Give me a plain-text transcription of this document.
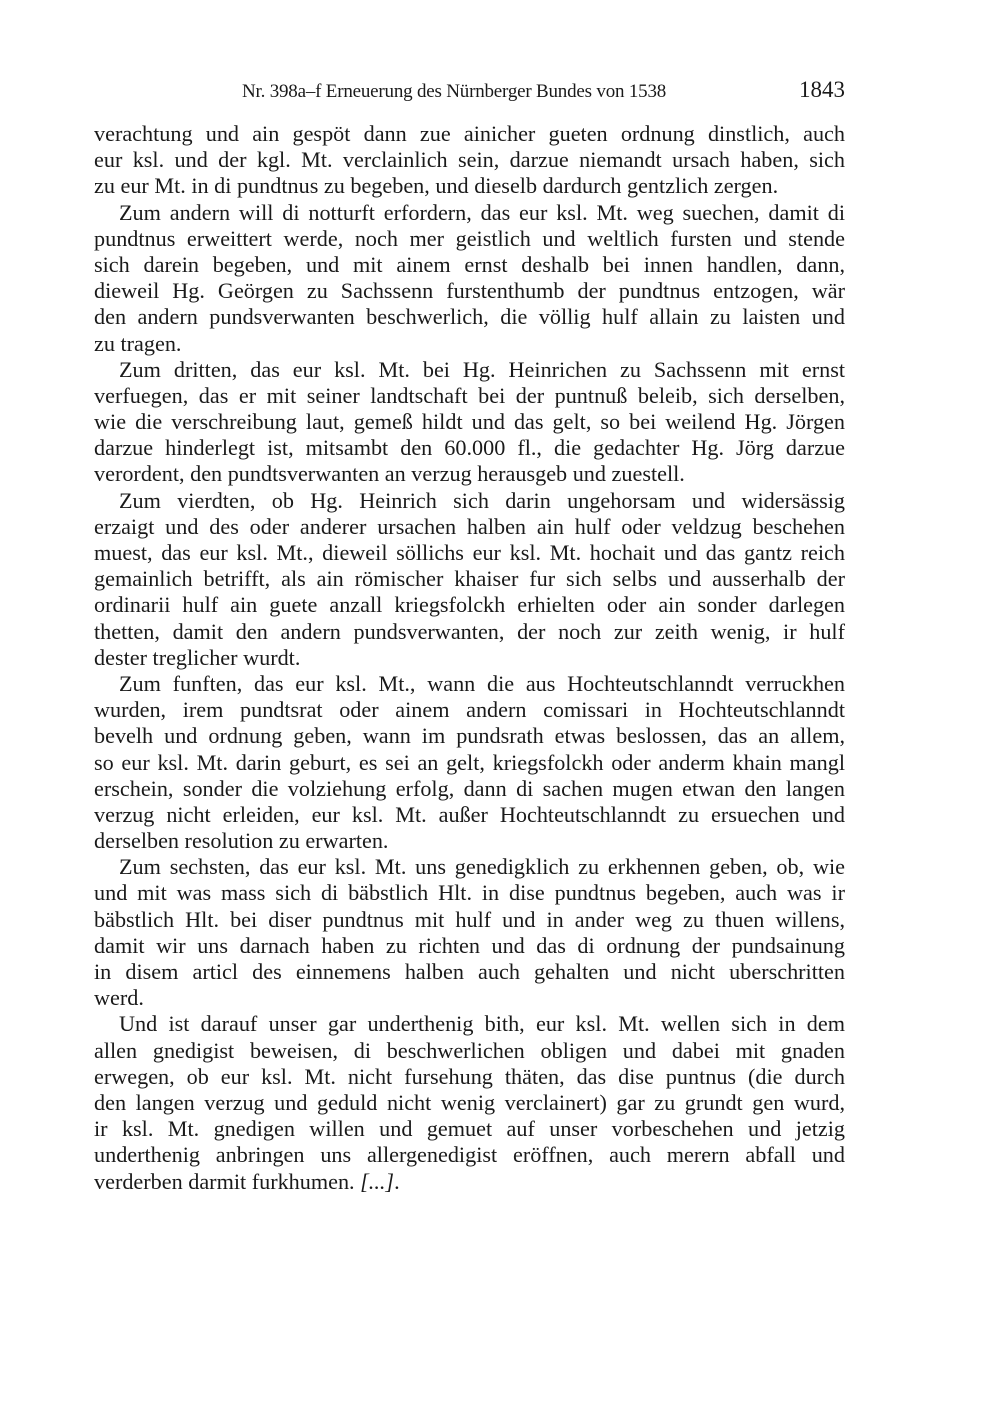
Nr. 398a–f Erneuerung des Nürnberger Bundes von 1538	1843
verachtung und ain gespöt dann zue ainicher gueten ordnung dinstlich, auch
eur ksl. und der kgl. Mt. verclainlich sein, darzue niemandt ursach haben, sich
zu eur Mt. in di pundtnus zu begeben, und dieselb dardurch gentzlich zergen.
Zum andern will di notturft erfordern, das eur ksl. Mt. weg suechen, damit di
pundtnus erweittert werde, noch mer geistlich und weltlich fursten und stende
sich darein begeben, und mit ainem ernst deshalb bei innen handlen, dann,
dieweil Hg. Geörgen zu Sachssenn furstenthumb der pundtnus entzogen, wär
den andern pundsverwanten beschwerlich, die völlig hulf allain zu laisten und
zu tragen.
Zum dritten, das eur ksl. Mt. bei Hg. Heinrichen zu Sachssenn mit ernst
verfuegen, das er mit seiner landtschaft bei der puntnuß beleib, sich derselben,
wie die verschreibung laut, gemeß hildt und das gelt, so bei weilend Hg. Jörgen
darzue hinderlegt ist, mitsambt den 60.000 fl., die gedachter Hg. Jörg darzue
verordent, den pundtsverwanten an verzug herausgeb und zuestell.
Zum vierdten, ob Hg. Heinrich sich darin ungehorsam und widersässig
erzaigt und des oder anderer ursachen halben ain hulf oder veldzug beschehen
muest, das eur ksl. Mt., dieweil söllichs eur ksl. Mt. hochait und das gantz reich
gemainlich betrifft, als ain römischer khaiser fur sich selbs und ausserhalb der
ordinarii hulf ain guete anzall kriegsfolckh erhielten oder ain sonder darlegen
thetten, damit den andern pundsverwanten, der noch zur zeith wenig, ir hulf
dester treglicher wurdt.
Zum funften, das eur ksl. Mt., wann die aus Hochteutschlanndt verruckhen
wurden, irem pundtsrat oder ainem andern comissari in Hochteutschlanndt
bevelh und ordnung geben, wann im pundsrath etwas beslossen, das an allem,
so eur ksl. Mt. darin geburt, es sei an gelt, kriegsfolckh oder anderm khain mangl
erschein, sonder die volziehung erfolg, dann di sachen mugen etwan den langen
verzug nicht erleiden, eur ksl. Mt. außer Hochteutschlanndt zu ersuechen und
derselben resolution zu erwarten.
Zum sechsten, das eur ksl. Mt. uns genedigklich zu erkhennen geben, ob, wie
und mit was mass sich di bäbstlich Hlt. in dise pundtnus begeben, auch was ir
bäbstlich Hlt. bei diser pundtnus mit hulf und in ander weg zu thuen willens,
damit wir uns darnach haben zu richten und das di ordnung der pundsainung
in disem articl des einnemens halben auch gehalten und nicht uberschritten
werd.
Und ist darauf unser gar underthenig bith, eur ksl. Mt. wellen sich in dem
allen gnedigist beweisen, di beschwerlichen obligen und dabei mit gnaden
erwegen, ob eur ksl. Mt. nicht fursehung thäten, das dise puntnus (die durch
den langen verzug und geduld nicht wenig verclainert) gar zu grundt gen wurd,
ir ksl. Mt. gnedigen willen und gemuet auf unser vorbeschehen und jetzig
underthenig anbringen uns allergenedigist eröffnen, auch merern abfall und
verderben darmit furkhumen. [...].
